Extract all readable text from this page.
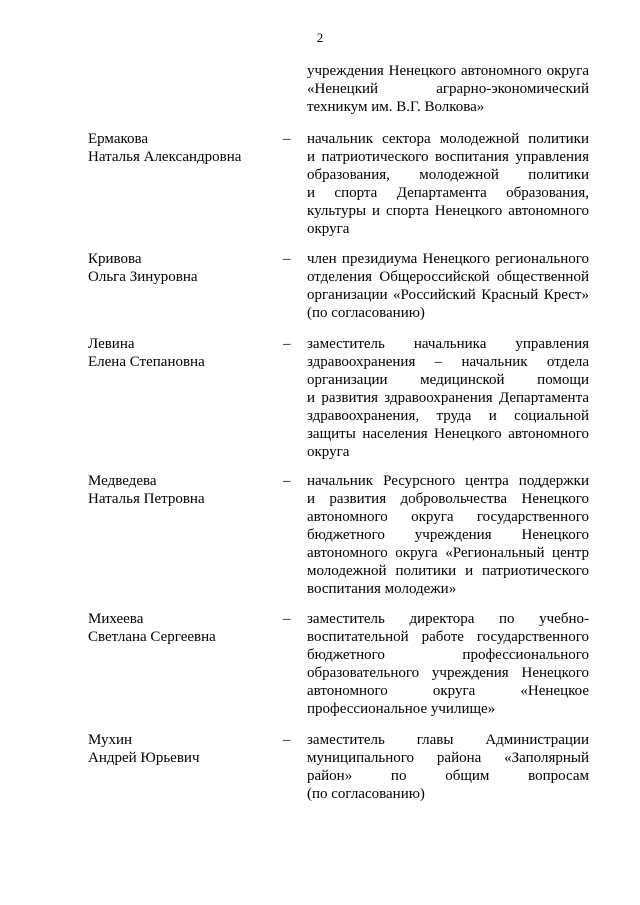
2
учреждения Ненецкого автономного округа
«Ненецкий аграрно-экономический
техникум им. В.Г. Волкова»
Ермакова
Наталья Александровна
– начальник сектора молодежной политики
и патриотического воспитания управления
образования, молодежной политики
и спорта Департамента образования,
культуры и спорта Ненецкого автономного
округа
Кривова
Ольга Зинуровна
– член президиума Ненецкого регионального
отделения Общероссийской общественной
организации «Российский Красный Крест»
(по согласованию)
Левина
Елена Степановна
– заместитель начальника управления
здравоохранения – начальник отдела
организации медицинской помощи
и развития здравоохранения Департамента
здравоохранения, труда и социальной
защиты населения Ненецкого автономного
округа
Медведева
Наталья Петровна
– начальник Ресурсного центра поддержки
и развития добровольчества Ненецкого
автономного округа государственного
бюджетного учреждения Ненецкого
автономного округа «Региональный центр
молодежной политики и патриотического
воспитания молодежи»
Михеева
Светлана Сергеевна
– заместитель директора по учебно-
воспитательной работе государственного
бюджетного профессионального
образовательного учреждения Ненецкого
автономного округа «Ненецкое
профессиональное училище»
Мухин
Андрей Юрьевич
– заместитель главы Администрации
муниципального района «Заполярный
район» по общим вопросам
(по согласованию)
